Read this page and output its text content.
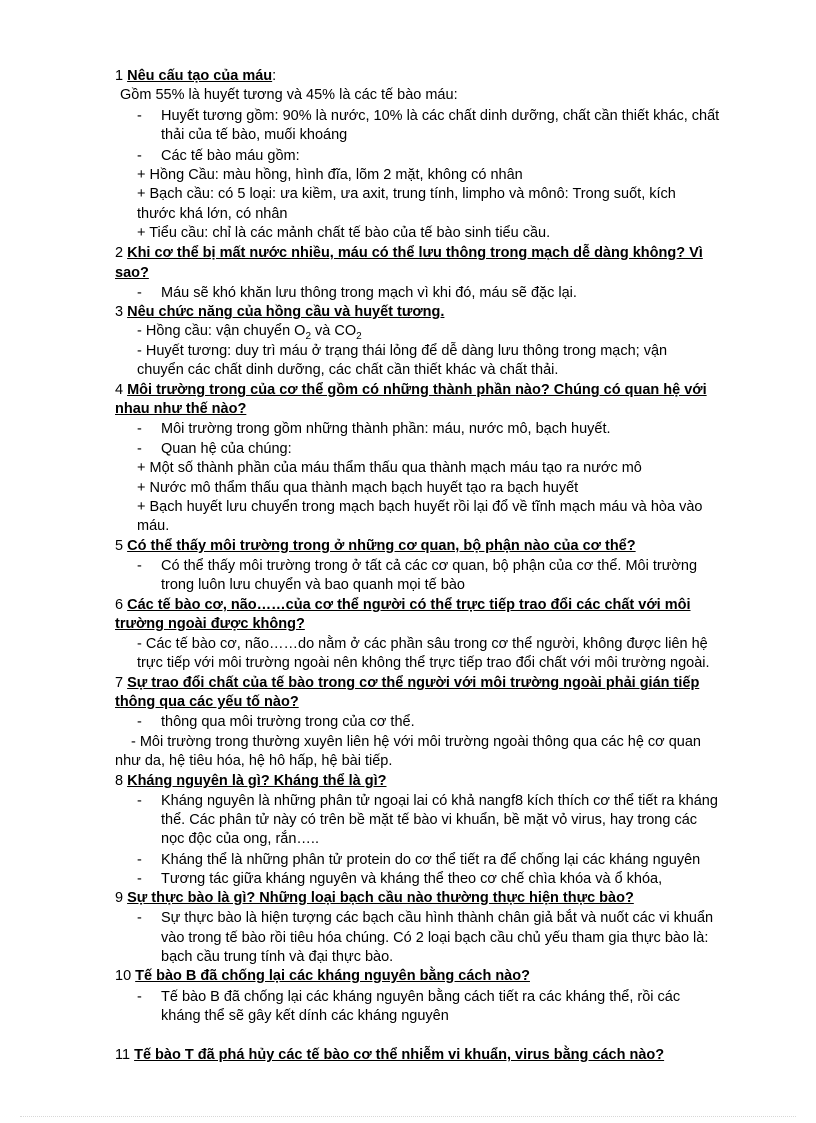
1 Nêu cấu tạo của máu:
Gồm 55% là huyết tương và 45% là các tế bào máu:
- Huyết tương gồm: 90% là nước, 10% là các chất dinh dưỡng, chất cần thiết khác, chất
thải của tế bào, muối khoáng
- Các tế bào máu gồm:
+ Hồng Cầu: màu hồng, hình đĩa, lõm 2 mặt, không có nhân
+ Bạch cầu: có 5 loại: ưa kiềm, ưa axit, trung tính, limpho và mônô: Trong suốt, kích
thước khá lớn, có nhân
+ Tiểu cầu: chỉ là các mảnh chất tế bào của tế bào sinh tiểu cầu.
2 Khi cơ thể bị mất nước nhiều, máu có thể lưu thông trong mạch dễ dàng không? Vì
sao?
- Máu sẽ khó khăn lưu thông trong mạch vì khi đó, máu sẽ đặc lại.
3 Nêu chức năng của hồng cầu và huyết tương.
- Hồng cầu: vận chuyển $O_2$ và $CO_2$
- Huyết tương: duy trì máu ở trạng thái lỏng để dễ dàng lưu thông trong mạch; vận
chuyển các chất dinh dưỡng, các chất cần thiết khác và chất thải.
4 Môi trường trong của cơ thể gồm có những thành phần nào? Chúng có quan hệ với
nhau như thế nào?
- Môi trường trong gồm những thành phần: máu, nước mô, bạch huyết.
- Quan hệ của chúng:
+ Một số thành phần của máu thẩm thấu qua thành mạch máu tạo ra nước mô
+ Nước mô thẩm thấu qua thành mạch bạch huyết tạo ra bạch huyết
+ Bạch huyết lưu chuyển trong mạch bạch huyết rồi lại đổ về tĩnh mạch máu và hòa vào
máu.
5 Có thể thấy môi trường trong ở những cơ quan, bộ phận nào của cơ thể?
- Có thể thấy môi trường trong ở tất cả các cơ quan, bộ phận của cơ thể. Môi trường
trong luôn lưu chuyển và bao quanh mọi tế bào
6 Các tế bào cơ, não……của cơ thể người có thể trực tiếp trao đổi các chất với môi
trường ngoài được không?
- Các tế bào cơ, não……do nằm ở các phần sâu trong cơ thể người, không được liên hệ
trực tiếp với môi trường ngoài nên không thể trực tiếp trao đổi chất với môi trường ngoài.
7 Sự trao đổi chất của tế bào trong cơ thể người với môi trường ngoài phải gián tiếp
thông qua các yếu tố nào?
- thông qua môi trường trong của cơ thể.
- Môi trường trong thường xuyên liên hệ với môi trường ngoài thông qua các hệ cơ quan
như da, hệ tiêu hóa, hệ hô hấp, hệ bài tiếp.
8 Kháng nguyên là gì? Kháng thể là gì?
- Kháng nguyên là những phân tử ngoại lai có khả nangf8 kích thích cơ thể tiết ra kháng
thể. Các phân tử này có trên bề mặt tế bào vi khuẩn, bề mặt vỏ virus, hay trong các
nọc độc của ong, rắn…..
- Kháng thể là những phân tử protein do cơ thể tiết ra để chống lại các kháng nguyên
- Tương tác giữa kháng nguyên và kháng thể theo cơ chế chìa khóa và ổ khóa,
9 Sự thực bào là gì? Những loại bạch cầu nào thường thực hiện thực bào?
- Sự thực bào là hiện tượng các bạch cầu hình thành chân giả bắt và nuốt các vi khuẩn
vào trong tế bào rồi tiêu hóa chúng. Có 2 loại bạch cầu chủ yếu tham gia thực bào là:
bạch cầu trung tính và đại thực bào.
10 Tế bào B đã chống lại các kháng nguyên bằng cách nào?
- Tế bào B đã chống lại các kháng nguyên bằng cách tiết ra các kháng thể, rồi các
kháng thể sẽ gây kết dính các kháng nguyên
11 Tế bào T đã phá hủy các tế bào cơ thể nhiễm vi khuẩn, virus bằng cách nào?
